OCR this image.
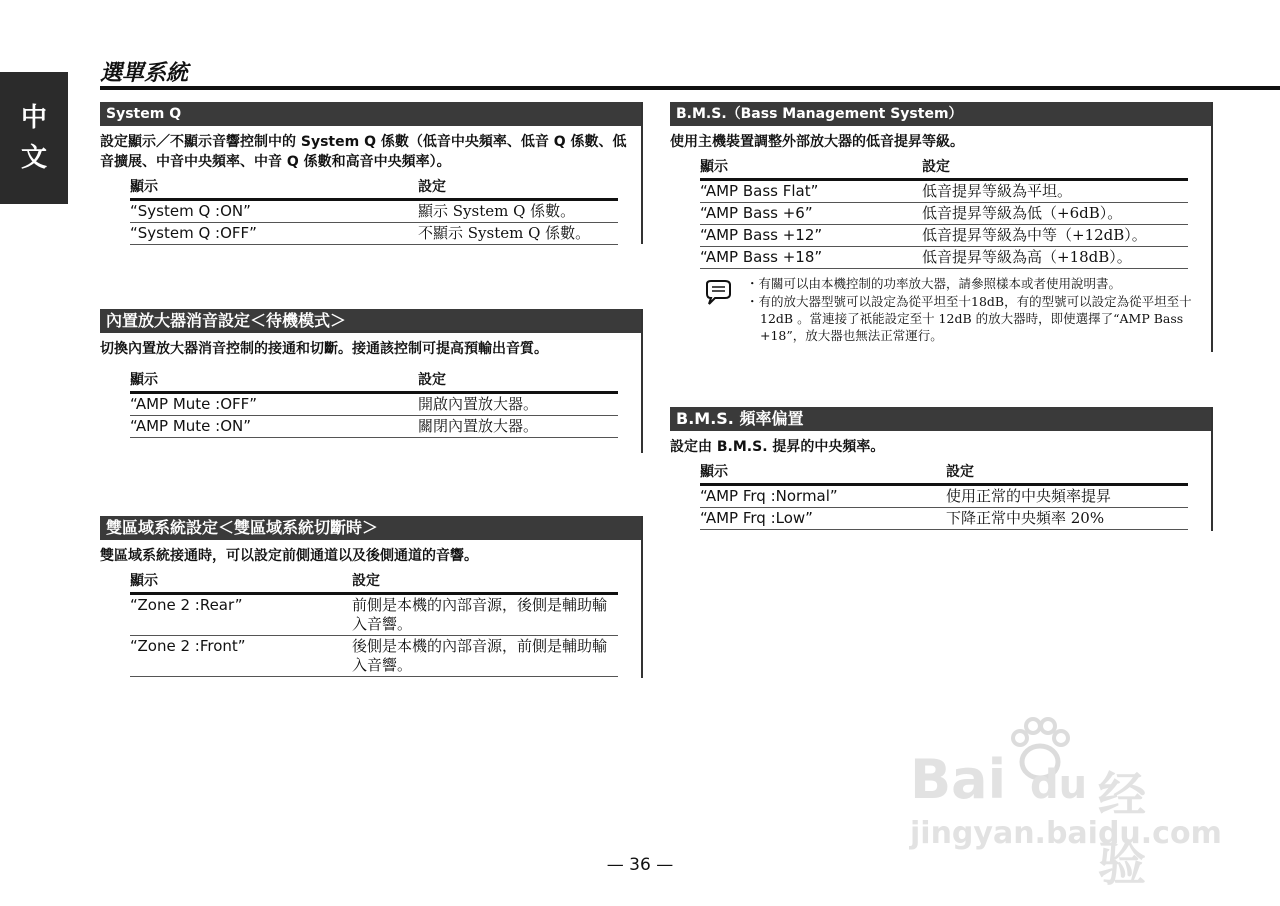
中
文
選單系統
System Q
設定顯示／不顯示音響控制中的 System Q 係數（低音中央頻率、低音 Q 係數、低音擴展、中音中央頻率、中音 Q 係數和高音中央頻率）。
顯示	設定
“System Q :ON”	顯示 System Q 係數。
“System Q :OFF”	不顯示 System Q 係數。
內置放大器消音設定＜待機模式＞
切換內置放大器消音控制的接通和切斷。接通該控制可提高預輸出音質。
顯示	設定
“AMP Mute :OFF”	開啟內置放大器。
“AMP Mute :ON”	關閉內置放大器。
雙區域系統設定＜雙區域系統切斷時＞
雙區域系統接通時，可以設定前側通道以及後側通道的音響。
顯示	設定
“Zone 2 :Rear”	前側是本機的內部音源，後側是輔助輸入音響。
“Zone 2 :Front”	後側是本機的內部音源，前側是輔助輸入音響。
B.M.S.（Bass Management System）
使用主機裝置調整外部放大器的低音提昇等級。
顯示	設定
“AMP Bass Flat”	低音提昇等級為平坦。
“AMP Bass +6”	低音提昇等級為低（+6dB）。
“AMP Bass +12”	低音提昇等級為中等（+12dB）。
“AMP Bass +18”	低音提昇等級為高（+18dB）。
・有關可以由本機控制的功率放大器，請參照樣本或者使用說明書。
・有的放大器型號可以設定為從平坦至十18dB，有的型號可以設定為從平坦至十 12dB 。當連接了祇能設定至十 12dB 的放大器時，即使選擇了“AMP Bass +18”，放大器也無法正常運行。
B.M.S. 頻率偏置
設定由 B.M.S. 提昇的中央頻率。
顯示	設定
“AMP Frq :Normal”	使用正常的中央頻率提昇
“AMP Frq :Low”	下降正常中央頻率 20%
Bai du 经验
jingyan.baidu.com
— 36 —
